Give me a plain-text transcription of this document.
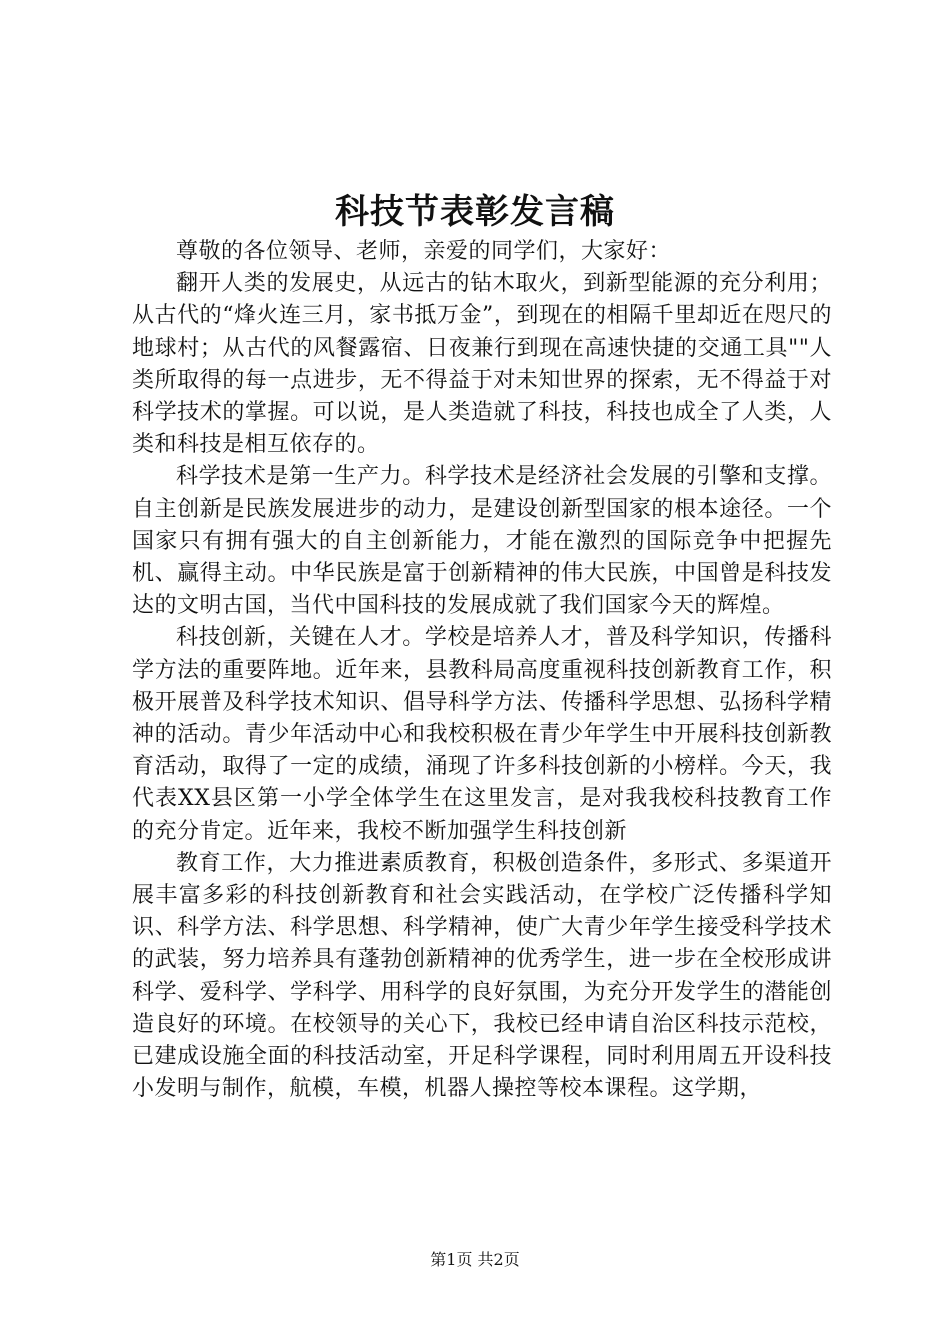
科技节表彰发言稿

尊敬的各位领导、老师，亲爱的同学们，大家好：

翻开人类的发展史，从远古的钻木取火，到新型能源的充分利用；从古代的“烽火连三月，家书抵万金”，到现在的相隔千里却近在咫尺的地球村；从古代的风餐露宿、日夜兼行到现在高速快捷的交通工具""人类所取得的每一点进步，无不得益于对未知世界的探索，无不得益于对科学技术的掌握。可以说，是人类造就了科技，科技也成全了人类，人类和科技是相互依存的。

科学技术是第一生产力。科学技术是经济社会发展的引擎和支撑。自主创新是民族发展进步的动力，是建设创新型国家的根本途径。一个国家只有拥有强大的自主创新能力，才能在激烈的国际竞争中把握先机、赢得主动。中华民族是富于创新精神的伟大民族，中国曾是科技发达的文明古国，当代中国科技的发展成就了我们国家今天的辉煌。

科技创新，关键在人才。学校是培养人才，普及科学知识，传播科学方法的重要阵地。近年来，县教科局高度重视科技创新教育工作，积极开展普及科学技术知识、倡导科学方法、传播科学思想、弘扬科学精神的活动。青少年活动中心和我校积极在青少年学生中开展科技创新教育活动，取得了一定的成绩，涌现了许多科技创新的小榜样。今天，我代表XX县区第一小学全体学生在这里发言，是对我我校科技教育工作的充分肯定。近年来，我校不断加强学生科技创新

教育工作，大力推进素质教育，积极创造条件，多形式、多渠道开展丰富多彩的科技创新教育和社会实践活动，在学校广泛传播科学知识、科学方法、科学思想、科学精神，使广大青少年学生接受科学技术的武装，努力培养具有蓬勃创新精神的优秀学生，进一步在全校形成讲科学、爱科学、学科学、用科学的良好氛围，为充分开发学生的潜能创造良好的环境。在校领导的关心下，我校已经申请自治区科技示范校，已建成设施全面的科技活动室，开足科学课程，同时利用周五开设科技小发明与制作，航模，车模，机器人操控等校本课程。这学期，

第1页 共2页
